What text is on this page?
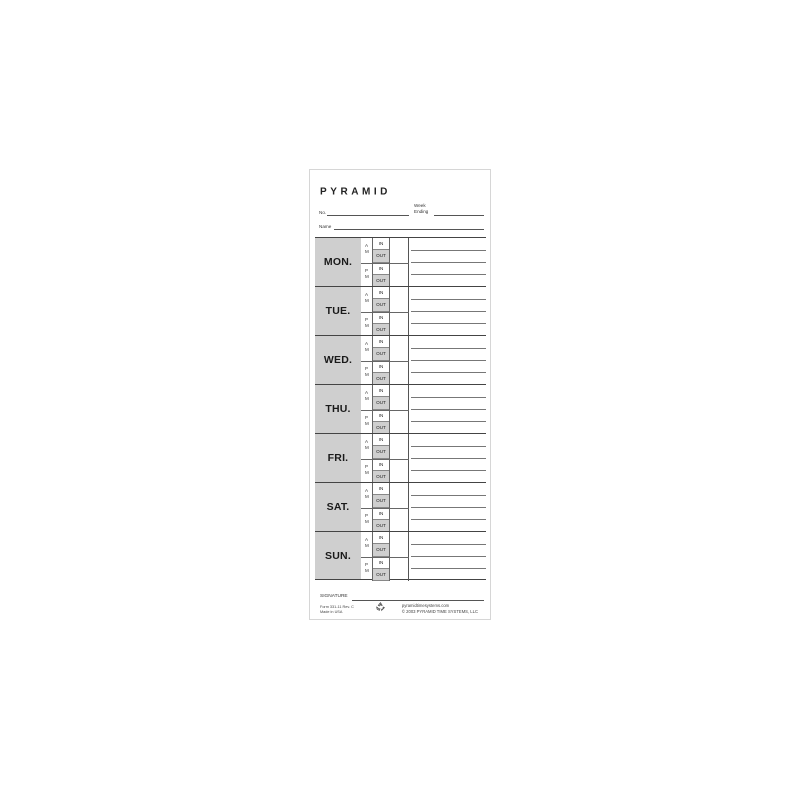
PYRAMID
No.
Week
Ending
Name
MON.
A
M
P
M
IN
OUT
IN
OUT
TUE.
A
M
P
M
IN
OUT
IN
OUT
WED.
A
M
P
M
IN
OUT
IN
OUT
THU.
A
M
P
M
IN
OUT
IN
OUT
FRI.
A
M
P
M
IN
OUT
IN
OUT
SAT.
A
M
P
M
IN
OUT
IN
OUT
SUN.
A
M
P
M
IN
OUT
IN
OUT
SIGNATURE
Form 331-11 Rev. C
Made in USA
pyramidtimesystems.com
© 2003 PYRAMID TIME SYSTEMS, LLC
